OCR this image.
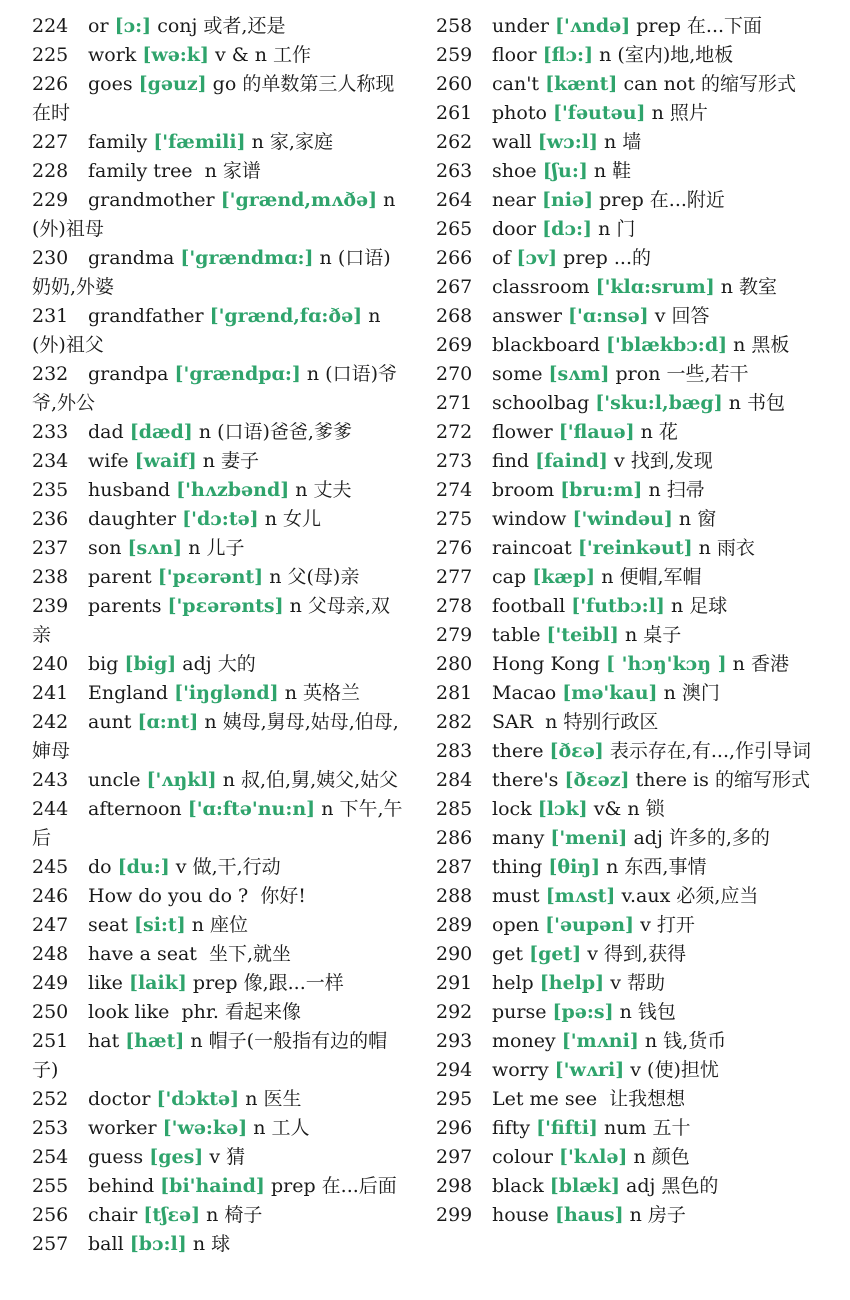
224 or [ɔ:] conj 或者,还是
225 work [wə:k] v & n 工作
226 goes [gəuz] go 的单数第三人称现在时
227 family ['fæmili] n 家,家庭
228 family tree n 家谱
229 grandmother ['grænd,mʌðə] n (外)祖母
230 grandma ['grændmɑ:] n (口语)奶奶,外婆
231 grandfather ['grænd,fɑ:ðə] n (外)祖父
232 grandpa ['grændpɑ:] n (口语)爷爷,外公
233 dad [dæd] n (口语)爸爸,爹爹
234 wife [waif] n 妻子
235 husband ['hʌzbənd] n 丈夫
236 daughter ['dɔ:tə] n 女儿
237 son [sʌn] n 儿子
238 parent ['pɛərənt] n 父(母)亲
239 parents ['pɛərənts] n 父母亲,双亲
240 big [big] adj 大的
241 England ['iŋglənd] n 英格兰
242 aunt [ɑ:nt] n 姨母,舅母,姑母,伯母,婶母
243 uncle ['ʌŋkl] n 叔,伯,舅,姨父,姑父
244 afternoon ['ɑ:ftə'nu:n] n 下午,午后
245 do [du:] v 做,干,行动
246 How do you do ? 你好!
247 seat [si:t] n 座位
248 have a seat 坐下,就坐
249 like [laik] prep 像,跟...一样
250 look like phr. 看起来像
251 hat [hæt] n 帽子(一般指有边的帽子)
252 doctor ['dɔktə] n 医生
253 worker ['wə:kə] n 工人
254 guess [ges] v 猜
255 behind [bi'haind] prep 在...后面
256 chair [tʃɛə] n 椅子
257 ball [bɔ:l] n 球
258 under ['ʌndə] prep 在...下面
259 floor [flɔ:] n (室内)地,地板
260 can't [kænt] can not 的缩写形式
261 photo ['fəutəu] n 照片
262 wall [wɔ:l] n 墙
263 shoe [ʃu:] n 鞋
264 near [niə] prep 在...附近
265 door [dɔ:] n 门
266 of [ɔv] prep ...的
267 classroom ['klɑ:srum] n 教室
268 answer ['ɑ:nsə] v 回答
269 blackboard ['blækbɔ:d] n 黑板
270 some [sʌm] pron 一些,若干
271 schoolbag ['sku:l,bæg] n 书包
272 flower ['flauə] n 花
273 find [faind] v 找到,发现
274 broom [bru:m] n 扫帚
275 window ['windəu] n 窗
276 raincoat ['reinkəut] n 雨衣
277 cap [kæp] n 便帽,军帽
278 football ['futbɔ:l] n 足球
279 table ['teibl] n 桌子
280 Hong Kong [ 'hɔŋ'kɔŋ ] n 香港
281 Macao [mə'kau] n 澳门
282 SAR n 特别行政区
283 there [ðɛə] 表示存在,有...,作引导词
284 there's [ðɛəz] there is 的缩写形式
285 lock [lɔk] v& n 锁
286 many ['meni] adj 许多的,多的
287 thing [θiŋ] n 东西,事情
288 must [mʌst] v.aux 必须,应当
289 open ['əupən] v 打开
290 get [get] v 得到,获得
291 help [help] v 帮助
292 purse [pə:s] n 钱包
293 money ['mʌni] n 钱,货币
294 worry ['wʌri] v (使)担忧
295 Let me see 让我想想
296 fifty ['fifti] num 五十
297 colour ['kʌlə] n 颜色
298 black [blæk] adj 黑色的
299 house [haus] n 房子
